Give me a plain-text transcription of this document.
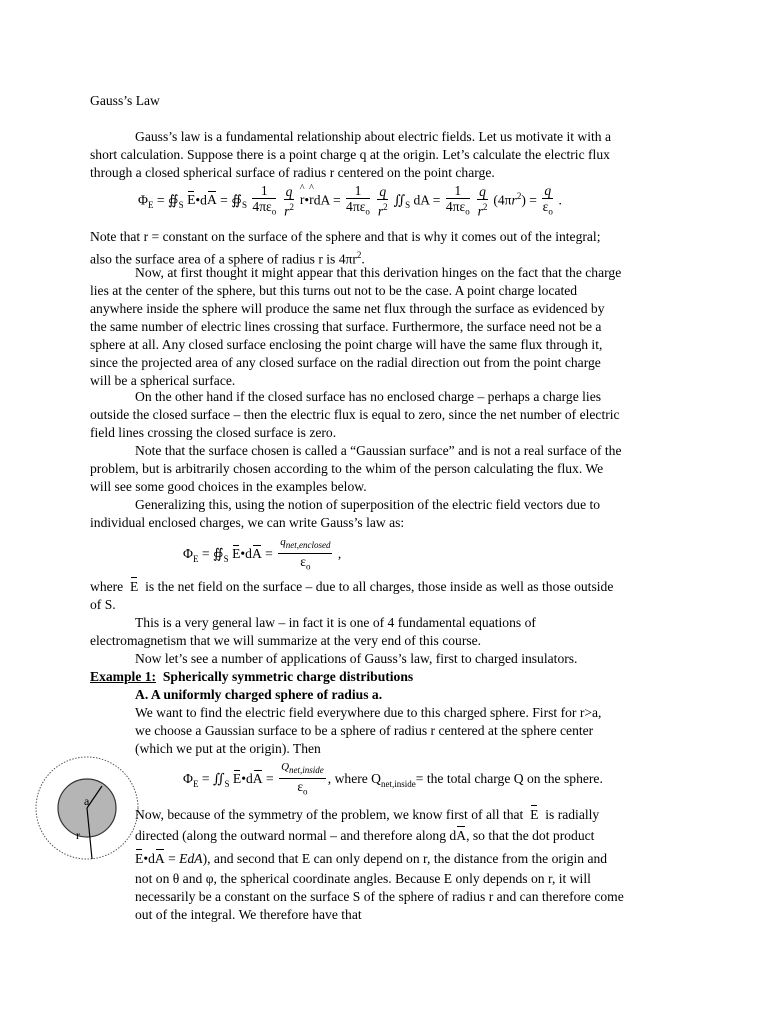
Gauss’s Law
Gauss’s law is a fundamental relationship about electric fields. Let us motivate it with a
short calculation. Suppose there is a point charge q at the origin. Let’s calculate the electric flux
through a closed spherical surface of radius r centered on the point charge.
$\Phi_E$ = $∯_S$ E•dA = $∯_S \frac{1}{4\pi\varepsilon_o}$
$\frac{q}{r^2}$
^ r•^ rdA = $\frac{1}{4\pi\varepsilon_o}$
$\frac{q}{r^2}$ $∬_S$ dA = $\frac{1}{4\pi\varepsilon_o}$
$\frac{q}{r^2} (4\pi r^2) = \frac{q}{\varepsilon_o}$ .
Note that r = constant on the surface of the sphere and that is why it comes out of the integral;
also the surface area of a sphere of radius r is $4\pi r^2$.
Now, at first thought it might appear that this derivation hinges on the fact that the charge
lies at the center of the sphere, but this turns out not to be the case. A point charge located
anywhere inside the sphere will produce the same net flux through the surface as evidenced by
the same number of electric lines crossing that surface. Furthermore, the surface need not be a
sphere at all. Any closed surface enclosing the point charge will have the same flux through it,
since the projected area of any closed surface on the radial direction out from the point charge
will be a spherical surface.
On the other hand if the closed surface has no enclosed charge – perhaps a charge lies
outside the closed surface – then the electric flux is equal to zero, since the net number of electric
field lines crossing the closed surface is zero.
Note that the surface chosen is called a “Gaussian surface” and is not a real surface of the
problem, but is arbitrarily chosen according to the whim of the person calculating the flux. We
will see some good choices in the examples below.
Generalizing this, using the notion of superposition of the electric field vectors due to
individual enclosed charges, we can write Gauss’s law as:
$\Phi_E$ = $∯_S$ E•dA = $\frac{q_{net,enclosed}}{\varepsilon_o}$ ,
where E is the net field on the surface – due to all charges, those inside as well as those outside
of S.
This is a very general law – in fact it is one of 4 fundamental equations of
electromagnetism that we will summarize at the very end of this course.
Now let’s see a number of applications of Gauss’s law, first to charged insulators.
Example 1: Spherically symmetric charge distributions
A. A uniformly charged sphere of radius a.
We want to find the electric field everywhere due to this charged sphere. First for r>a,
we choose a Gaussian surface to be a sphere of radius r centered at the sphere center
(which we put at the origin). Then
$\Phi_E$ = $∬_S$ E•dA = $\frac{Q_{net,inside}}{\varepsilon_o}$ , where $Q_{net,inside}=$ the total charge Q on the sphere.
a
r
Now, because of the symmetry of the problem, we know first of all that E is radially
directed (along the outward normal – and therefore along dA, so that the dot product
E•dA = EdA), and second that E can only depend on r, the distance from the origin and
not on θ and φ, the spherical coordinate angles. Because E only depends on r, it will
necessarily be a constant on the surface S of the sphere of radius r and can therefore come
out of the integral. We therefore have that
